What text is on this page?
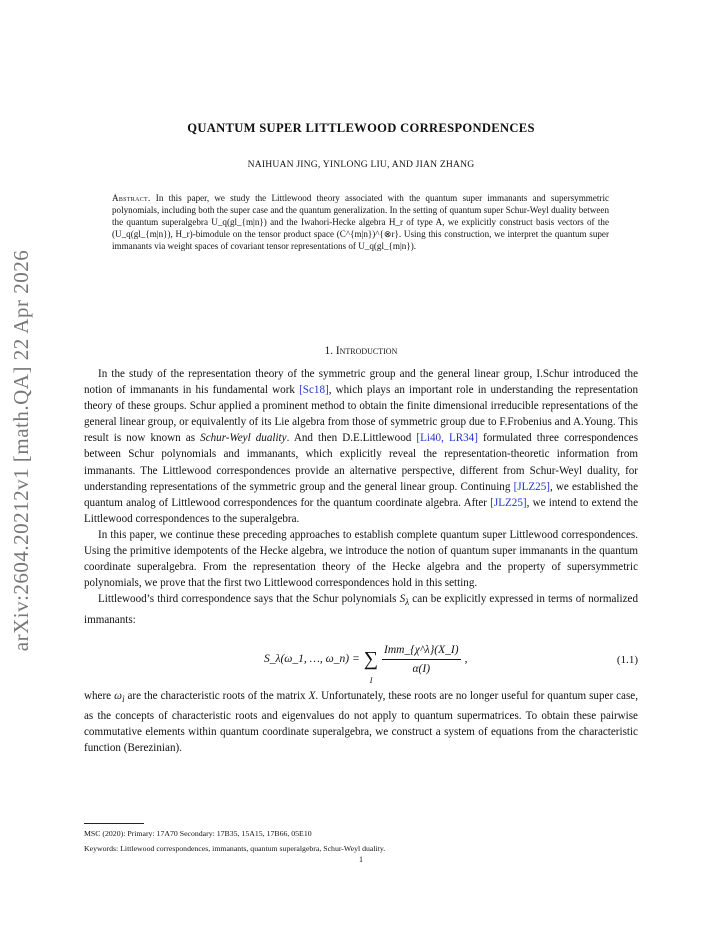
arXiv:2604.20212v1 [math.QA] 22 Apr 2026
QUANTUM SUPER LITTLEWOOD CORRESPONDENCES
NAIHUAN JING, YINLONG LIU, AND JIAN ZHANG
Abstract. In this paper, we study the Littlewood theory associated with the quantum super immanants and supersymmetric polynomials, including both the super case and the quantum generalization. In the setting of quantum super Schur-Weyl duality between the quantum superalgebra U_q(gl_{m|n}) and the Iwahori-Hecke algebra H_r of type A, we explicitly construct basis vectors of the (U_q(gl_{m|n}), H_r)-bimodule on the tensor product space (C^{m|n})^{⊗r}. Using this construction, we interpret the quantum super immanants via weight spaces of covariant tensor representations of U_q(gl_{m|n}).
1. Introduction

In the study of the representation theory of the symmetric group and the general linear group, I.Schur introduced the notion of immanants in his fundamental work [Sc18], which plays an important role in understanding the representation theory of these groups. Schur applied a prominent method to obtain the finite dimensional irreducible representations of the general linear group, or equivalently of its Lie algebra from those of symmetric group due to F.Frobenius and A.Young. This result is now known as Schur-Weyl duality. And then D.E.Littlewood [Li40, LR34] formulated three correspondences between Schur polynomials and immanants, which explicitly reveal the representation-theoretic information from immanants. The Littlewood correspondences provide an alternative perspective, different from Schur-Weyl duality, for understanding representations of the symmetric group and the general linear group. Continuing [JLZ25], we established the quantum analog of Littlewood correspondences for the quantum coordinate algebra. After [JLZ25], we intend to extend the Littlewood correspondences to the superalgebra.

In this paper, we continue these preceding approaches to establish complete quantum super Littlewood correspondences. Using the primitive idempotents of the Hecke algebra, we introduce the notion of quantum super immanants in the quantum coordinate superalgebra. From the representation theory of the Hecke algebra and the property of supersymmetric polynomials, we prove that the first two Littlewood correspondences hold in this setting.

Littlewood’s third correspondence says that the Schur polynomials $S_\lambda$ can be explicitly expressed in terms of normalized immanants:

S_λ(ω_1, …, ω_n) = ∑
I
$\frac{\text{Imm\_\{χ\textasciicircum{}λ\}(X\_I)}}{\alpha(I)}$ ,	(1.1)

where $\omega_i$ are the characteristic roots of the matrix X. Unfortunately, these roots are no longer useful for quantum super case, as the concepts of characteristic roots and eigenvalues do not apply to quantum supermatrices. To obtain these pairwise commutative elements within quantum coordinate superalgebra, we construct a system of equations from the characteristic function (Berezinian).

MSC (2020): Primary: 17A70 Secondary: 17B35, 15A15, 17B66, 05E10
Keywords: Littlewood correspondences, immanants, quantum superalgebra, Schur-Weyl duality.
1
